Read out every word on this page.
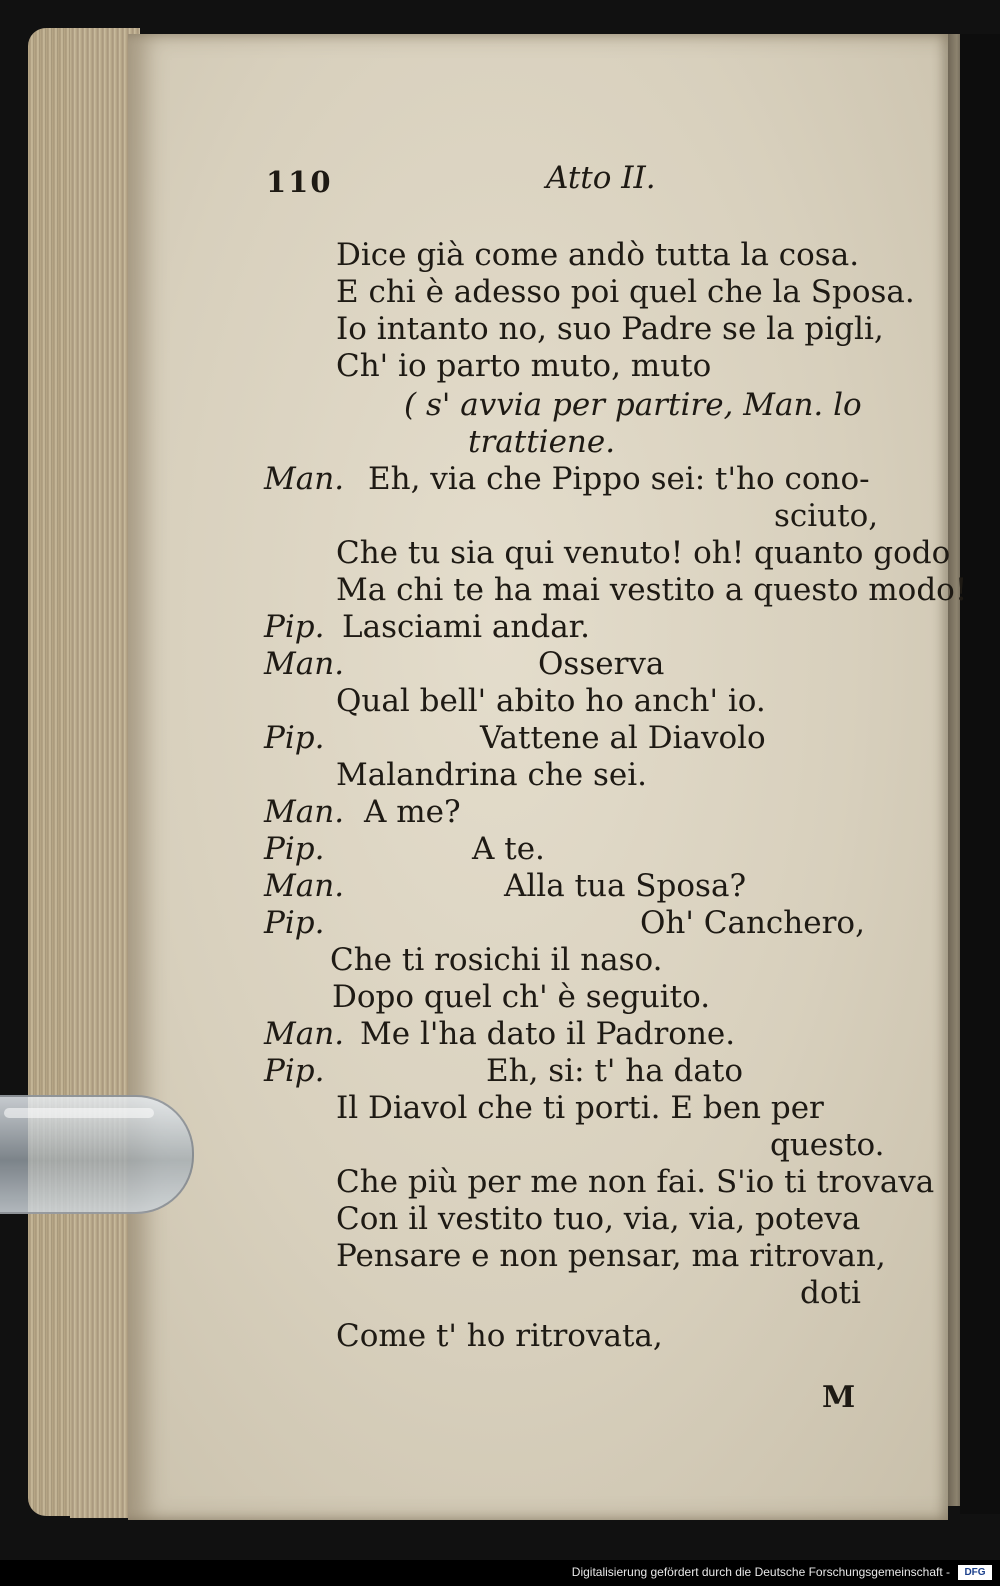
110	Atto II.
Dice già come andò tutta la cosa.
E chi è adesso poi quel che la Sposa.
Io intanto no, suo Padre se la pigli,
Ch' io parto muto, muto
( s' avvia per partire, Man. lo
trattiene.
Man. Eh, via che Pippo sei: t'ho cono-
sciuto,
Che tu sia qui venuto! oh! quanto godo
Ma chi te ha mai vestito a questo modo!
Pip. Lasciami andar.
Man.	Osserva
Qual bell' abito ho anch' io.
Pip.	Vattene al Diavolo
Malandrina che sei.
Man. A me?
Pip.	A te.
Man.	Alla tua Sposa?
Pip.	Oh' Canchero,
Che ti rosichi il naso.
Dopo quel ch' è seguito.
Man. Me l'ha dato il Padrone.
Pip.	Eh, si: t' ha dato
Il Diavol che ti porti. E ben per
questo.
Che più per me non fai. S'io ti trovava
Con il vestito tuo, via, via, poteva
Pensare e non pensar, ma ritrovan,
doti
Come t' ho ritrovata,
M
Digitalisierung gefördert durch die Deutsche Forschungsgemeinschaft -	DFG
